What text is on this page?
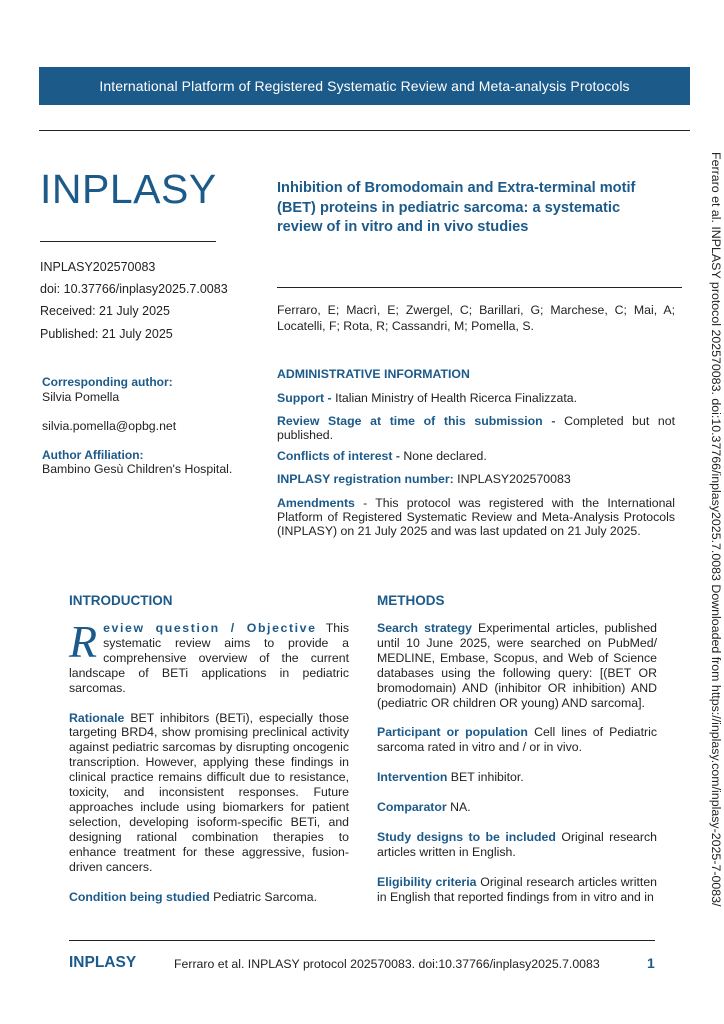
International Platform of Registered Systematic Review and Meta-analysis Protocols
INPLASY
INPLASY202570083
doi: 10.37766/inplasy2025.7.0083
Received: 21 July 2025
Published: 21 July 2025
Inhibition of Bromodomain and Extra-terminal motif (BET) proteins in pediatric sarcoma: a systematic review of in vitro and in vivo studies
Ferraro, E; Macrì, E; Zwergel, C; Barillari, G; Marchese, C; Mai, A; Locatelli, F; Rota, R; Cassandri, M; Pomella, S.
Corresponding author:
Silvia Pomella
silvia.pomella@opbg.net
Author Affiliation:
Bambino Gesù Children's Hospital.
ADMINISTRATIVE INFORMATION
Support - Italian Ministry of Health Ricerca Finalizzata.
Review Stage at time of this submission - Completed but not published.
Conflicts of interest - None declared.
INPLASY registration number: INPLASY202570083
Amendments - This protocol was registered with the International Platform of Registered Systematic Review and Meta-Analysis Protocols (INPLASY) on 21 July 2025 and was last updated on 21 July 2025.
INTRODUCTION	METHODS

R eview question / Objective This systematic review aims to provide a comprehensive overview of the current landscape of BETi applications in pediatric sarcomas.

Rationale BET inhibitors (BETi), especially those targeting BRD4, show promising preclinical activity against pediatric sarcomas by disrupting oncogenic transcription. However, applying these findings in clinical practice remains difficult due to resistance, toxicity, and inconsistent responses. Future approaches include using biomarkers for patient selection, developing isoform-specific BETi, and designing rational combination therapies to enhance treatment for these aggressive, fusion-driven cancers.

Condition being studied Pediatric Sarcoma.

Search strategy Experimental articles, published until 10 June 2025, were searched on PubMed/ MEDLINE, Embase, Scopus, and Web of Science databases using the following query: [(BET OR bromodomain) AND (inhibitor OR inhibition) AND (pediatric OR children OR young) AND sarcoma].

Participant or population Cell lines of Pediatric sarcoma rated in vitro and / or in vivo.

Intervention BET inhibitor.

Comparator NA.

Study designs to be included Original research articles written in English.

Eligibility criteria Original research articles written in English that reported findings from in vitro and in	Ferraro et al. INPLASY protocol 202570083. doi:10.37766/inplasy2025.7.0083 Downloaded from https://inplasy.com/inplasy-2025-7-0083/
INPLASY	Ferraro et al. INPLASY protocol 202570083. doi:10.37766/inplasy2025.7.0083	1
